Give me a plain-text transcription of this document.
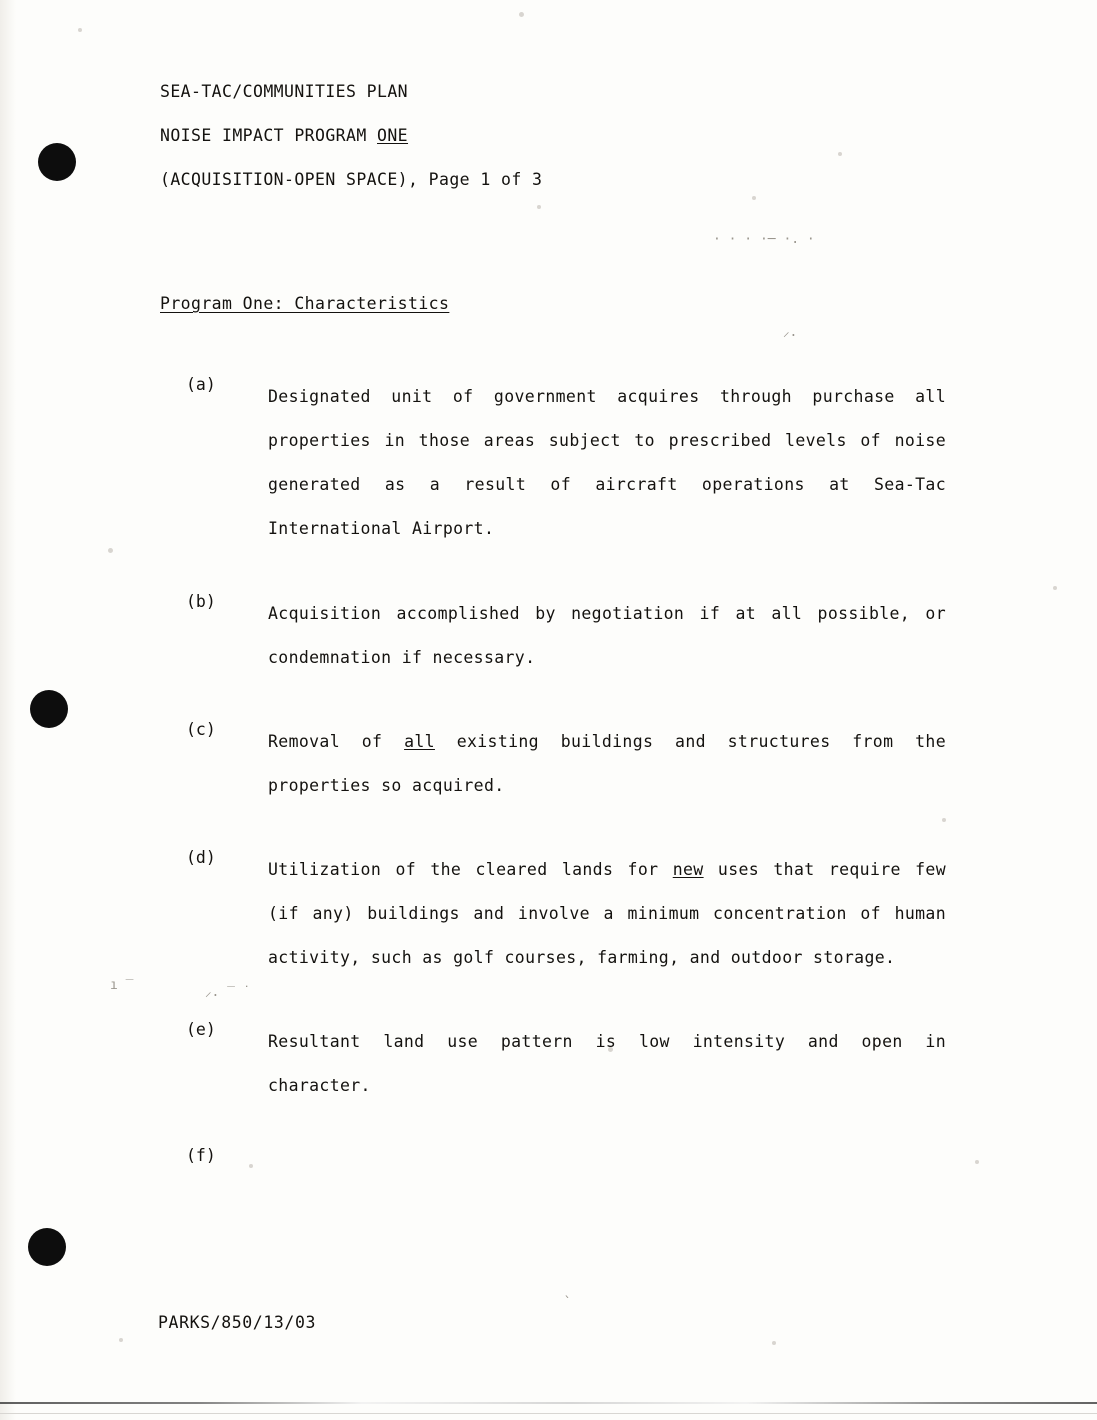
· · · ·─ ·. ·
⸝.
ı ‾	⸝. ‾ ˙
ˎ
SEA-TAC/COMMUNITIES PLAN
NOISE IMPACT PROGRAM ONE
(ACQUISITION-OPEN SPACE), Page 1 of 3
Program One: Characteristics
(a)

Designated unit of government acquires through purchase all properties in those areas subject to prescribed levels of noise generated as a result of aircraft operations at Sea-Tac International Airport.

(b)

Acquisition accomplished by negotiation if at all possible, or condemnation if necessary.

(c)

Removal of all existing buildings and structures from the properties so acquired.

(d)

Utilization of the cleared lands for new uses that require few (if any) buildings and involve a minimum concentration of human activity, such as golf courses, farming, and outdoor storage.

(e)

Resultant land use pattern is low intensity and open in character.

(f)

PARKS/850/13/03
